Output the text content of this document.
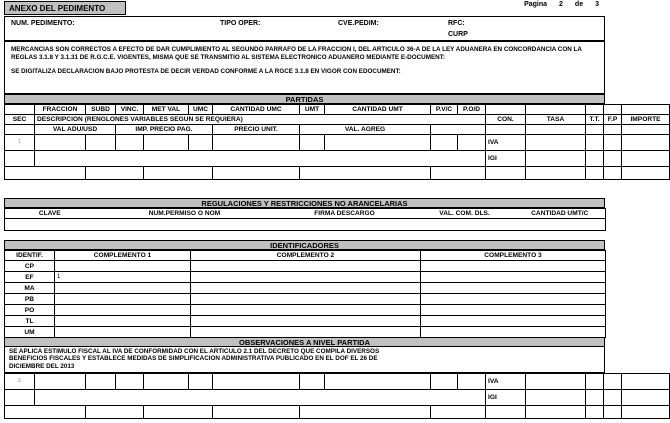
ANEXO DEL PEDIMENTO	Pagina 2 de 3
NUM. PEDIMENTO:	TIPO OPER:	CVE.PEDIM:	RFC:
CURP

MERCANCIAS SON CORRECTOS A EFECTO DE DAR CUMPLIMIENTO AL SEGUNDO PARRAFO DE LA FRACCION I, DEL ARTICULO 36-A DE LA LEY ADUANERA EN CONCORDANCIA CON LA REGLAS 3.1.8 Y 3.1.31 DE R.G.C.E. VIGENTES, MISMA QUE SE TRANSMITIO AL SISTEMA ELECTRONICO ADUANERO MEDIANTE E-DOCUMENT:

SE DIGITALIZA DECLARACION BAJO PROTESTA DE DECIR VERDAD CONFORME A LA RGCE 3.1.8 EN VIGOR CON EDOCUMENT:

PARTIDAS
	FRACCION	SUBD	VINC.	MET VAL	UMC	CANTIDAD UMC	UMT	CANTIDAD UMT	P.V/C	P.O/D					
SEC	DESCRIPCION (RENGLONES VARIABLES SEGUN SE REQUIERA)										CON.	TASA	T.T.	F.P	IMPORTE
	VAL ADU/USD		IMP. PRECIO PAG.			PRECIO UNIT.	VAL. AGREG								
1											IVA				
											IGI				

REGULACIONES Y RESTRICCIONES NO ARANCELARIAS
CLAVE	NUM.PERMISO O NOM	FIRMA DESCARGO	VAL. COM. DLS.	CANTIDAD UMT/C

IDENTIFICADORES
IDENTIF.	COMPLEMENTO 1	COMPLEMENTO 2	COMPLEMENTO 3
CP			
EF	1		
MA			
PB			
PO			
TL			
UM			
OBSERVACIONES A NIVEL PARTIDA

SE APLICA ESTIMULO FISCAL AL IVA DE CONFORMIDAD CON EL ARTICULO 2.1 DEL DECRETO QUE COMPILA DIVERSOS

BENEFICIOS FISCALES Y ESTABLECE MEDIDAS DE SIMPLIFICACION ADMINISTRATIVA PUBLICADO EN EL DOF EL 26 DE

DICIEMBRE DEL 2013

2											IVA				
											IGI				
